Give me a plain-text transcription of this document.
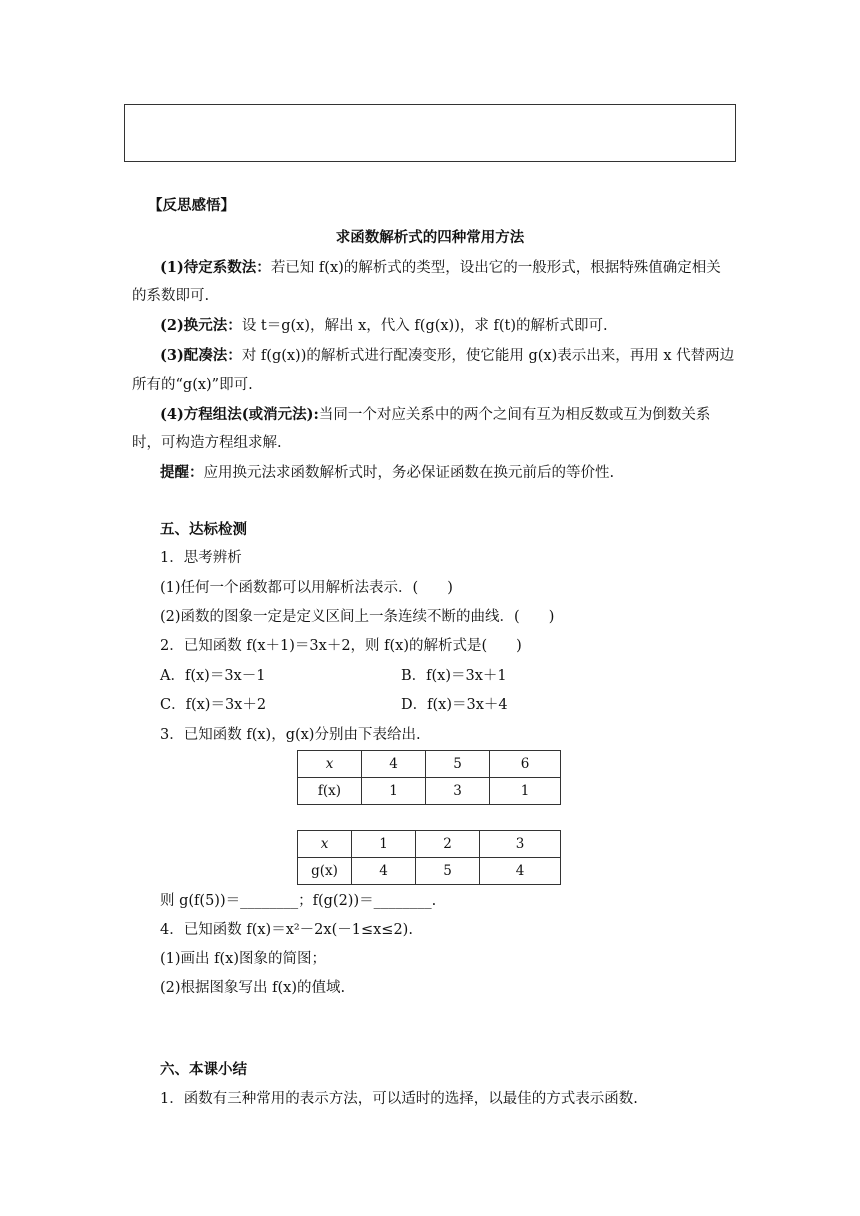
【反思感悟】
求函数解析式的四种常用方法
(1)待定系数法：若已知 f(x)的解析式的类型，设出它的一般形式，根据特殊值确定相关
的系数即可.
(2)换元法：设 t＝g(x)，解出 x，代入 f(g(x))，求 f(t)的解析式即可.
(3)配凑法：对 f(g(x))的解析式进行配凑变形，使它能用 g(x)表示出来，再用 x 代替两边
所有的“g(x)”即可.
(4)方程组法(或消元法):当同一个对应关系中的两个之间有互为相反数或互为倒数关系
时，可构造方程组求解.
提醒：应用换元法求函数解析式时，务必保证函数在换元前后的等价性.
五、达标检测
1．思考辨析
(1)任何一个函数都可以用解析法表示．(　　)
(2)函数的图象一定是定义区间上一条连续不断的曲线．(　　)
2．已知函数 f(x＋1)＝3x＋2，则 f(x)的解析式是(　　)
A．f(x)＝3x－1	B．f(x)＝3x＋1
C．f(x)＝3x＋2	D．f(x)＝3x＋4
3．已知函数 f(x)，g(x)分别由下表给出.
x	4	5	6
f(x)	1	3	1
x	1	2	3
g(x)	4	5	4
则 g(f(5))＝________；f(g(2))＝________.
4．已知函数 f(x)＝x²－2x(－1≤x≤2).
(1)画出 f(x)图象的简图；
(2)根据图象写出 f(x)的值域.
六、本课小结
1．函数有三种常用的表示方法，可以适时的选择，以最佳的方式表示函数.
